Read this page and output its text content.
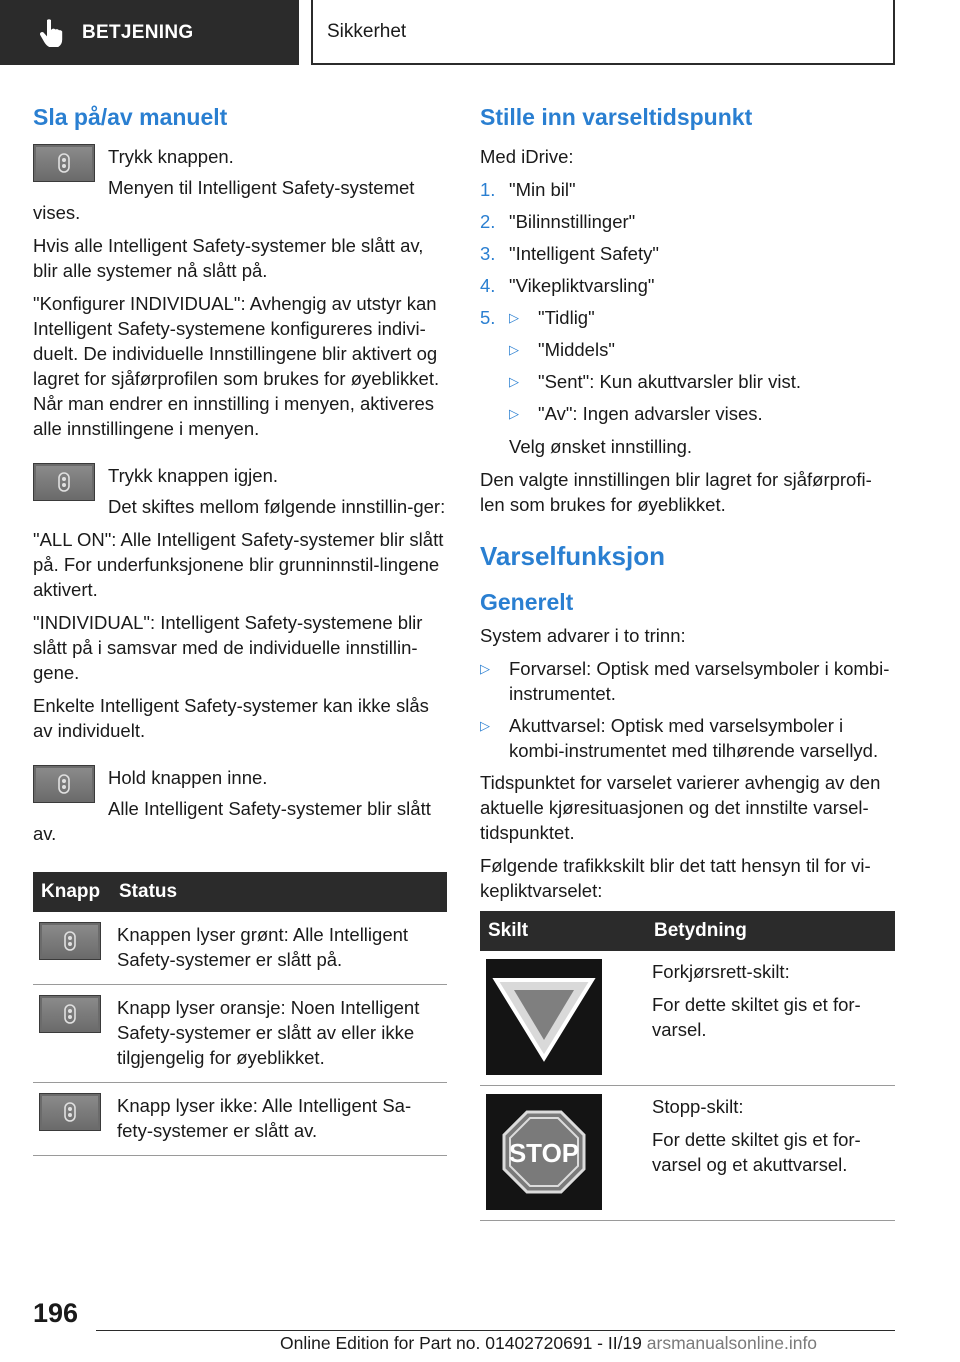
BETJENING	Sikkerhet
Sla på/av manuelt

Trykk knappen.

Menyen til Intelligent Safety-systemet vises.

Hvis alle Intelligent Safety-systemer ble slått av, blir alle systemer nå slått på.

"Konfigurer INDIVIDUAL": Avhengig av utstyr kan Intelligent Safety-systemene konfigureres indivi-duelt. De individuelle Innstillingene blir aktivert og lagret for sjåførprofilen som brukes for øyeblikket. Når man endrer en innstilling i menyen, aktiveres alle innstillingene i menyen.

Trykk knappen igjen.

Det skiftes mellom følgende innstillin-ger:

"ALL ON": Alle Intelligent Safety-systemer blir slått på. For underfunksjonene blir grunninnstil-lingene aktivert.

"INDIVIDUAL": Intelligent Safety-systemene blir slått på i samsvar med de individuelle innstillin-gene.

Enkelte Intelligent Safety-systemer kan ikke slås av individuelt.

Hold knappen inne.

Alle Intelligent Safety-systemer blir slått av.

Knapp	Status

	Knappen lyser grønt: Alle Intelligent Safety-systemer er slått på.

	Knapp lyser oransje: Noen Intelligent Safety-systemer er slått av eller ikke tilgjengelig for øyeblikket.

	Knapp lyser ikke: Alle Intelligent Sa-fety-systemer er slått av.
Stille inn varseltidspunkt

Med iDrive:

1. "Min bil"
2. "Bilinnstillinger"
3. "Intelligent Safety"
4. "Vikepliktvarsling"
5.	▷	"Tidlig"
▷	"Middels"
▷	"Sent": Kun akuttvarsler blir vist.
▷	"Av": Ingen advarsler vises.
Velg ønsket innstilling.

Den valgte innstillingen blir lagret for sjåførprofi-len som brukes for øyeblikket.

Varselfunksjon
Generelt

System advarer i to trinn:

▷	Forvarsel: Optisk med varselsymboler i kombi-instrumentet.
▷	Akuttvarsel: Optisk med varselsymboler i kombi-instrumentet med tilhørende varsellyd.

Tidspunktet for varselet varierer avhengig av den aktuelle kjøresituasjonen og det innstilte varsel-tidspunktet.

Følgende trafikkskilt blir det tatt hensyn til for vi-kepliktvarselet:

Skilt	Betydning

Forkjørsrett-skilt:

For dette skiltet gis et for-varsel.

STOP	Stopp-skilt:

For dette skiltet gis et for-varsel og et akuttvarsel.

196
Online Edition for Part no. 01402720691 - II/19 arsmanualsonline.info
